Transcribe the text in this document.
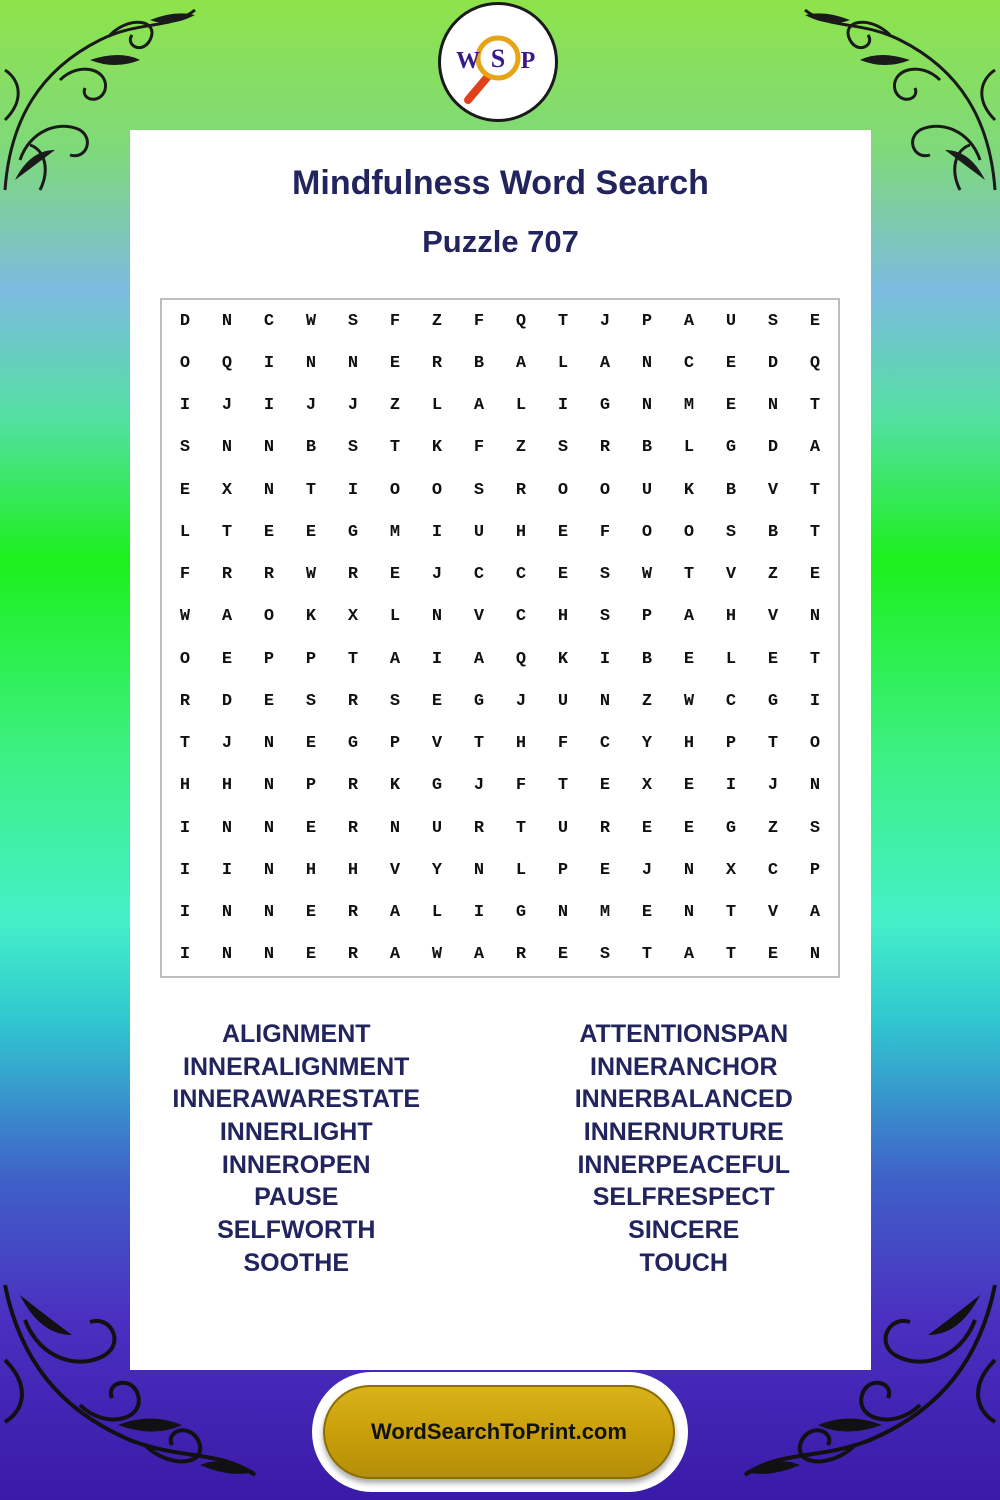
W S P
Mindfulness Word Search
Puzzle 707
D	N	C	W	S	F	Z	F	Q	T	J	P	A	U	S	E
O	Q	I	N	N	E	R	B	A	L	A	N	C	E	D	Q
I	J	I	J	J	Z	L	A	L	I	G	N	M	E	N	T
S	N	N	B	S	T	K	F	Z	S	R	B	L	G	D	A
E	X	N	T	I	O	O	S	R	O	O	U	K	B	V	T
L	T	E	E	G	M	I	U	H	E	F	O	O	S	B	T
F	R	R	W	R	E	J	C	C	E	S	W	T	V	Z	E
W	A	O	K	X	L	N	V	C	H	S	P	A	H	V	N
O	E	P	P	T	A	I	A	Q	K	I	B	E	L	E	T
R	D	E	S	R	S	E	G	J	U	N	Z	W	C	G	I
T	J	N	E	G	P	V	T	H	F	C	Y	H	P	T	O
H	H	N	P	R	K	G	J	F	T	E	X	E	I	J	N
I	N	N	E	R	N	U	R	T	U	R	E	E	G	Z	S
I	I	N	H	H	V	Y	N	L	P	E	J	N	X	C	P
I	N	N	E	R	A	L	I	G	N	M	E	N	T	V	A
I	N	N	E	R	A	W	A	R	E	S	T	A	T	E	N
ALIGNMENT
INNERALIGNMENT
INNERAWARESTATE
INNERLIGHT
INNEROPEN
PAUSE
SELFWORTH
SOOTHE
ATTENTIONSPAN
INNERANCHOR
INNERBALANCED
INNERNURTURE
INNERPEACEFUL
SELFRESPECT
SINCERE
TOUCH
WordSearchToPrint.com
